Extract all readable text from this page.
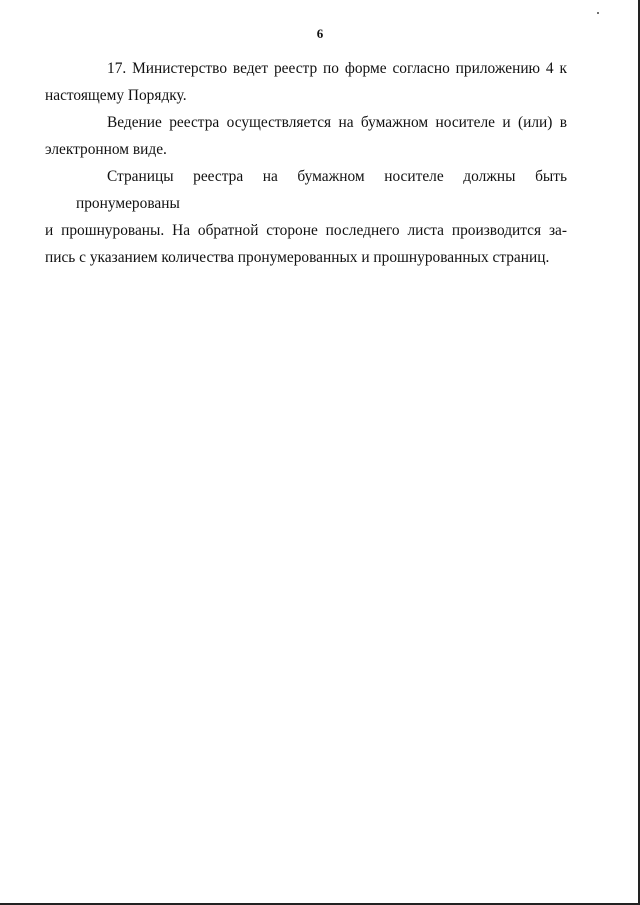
6

17. Министерство ведет реестр по форме согласно приложению 4 к
настоящему Порядку.

Ведение реестра осуществляется на бумажном носителе и (или) в
электронном виде.

Страницы реестра на бумажном носителе должны быть пронумерованы
и прошнурованы. На обратной стороне последнего листа производится за-
пись с указанием количества пронумерованных и прошнурованных страниц.
